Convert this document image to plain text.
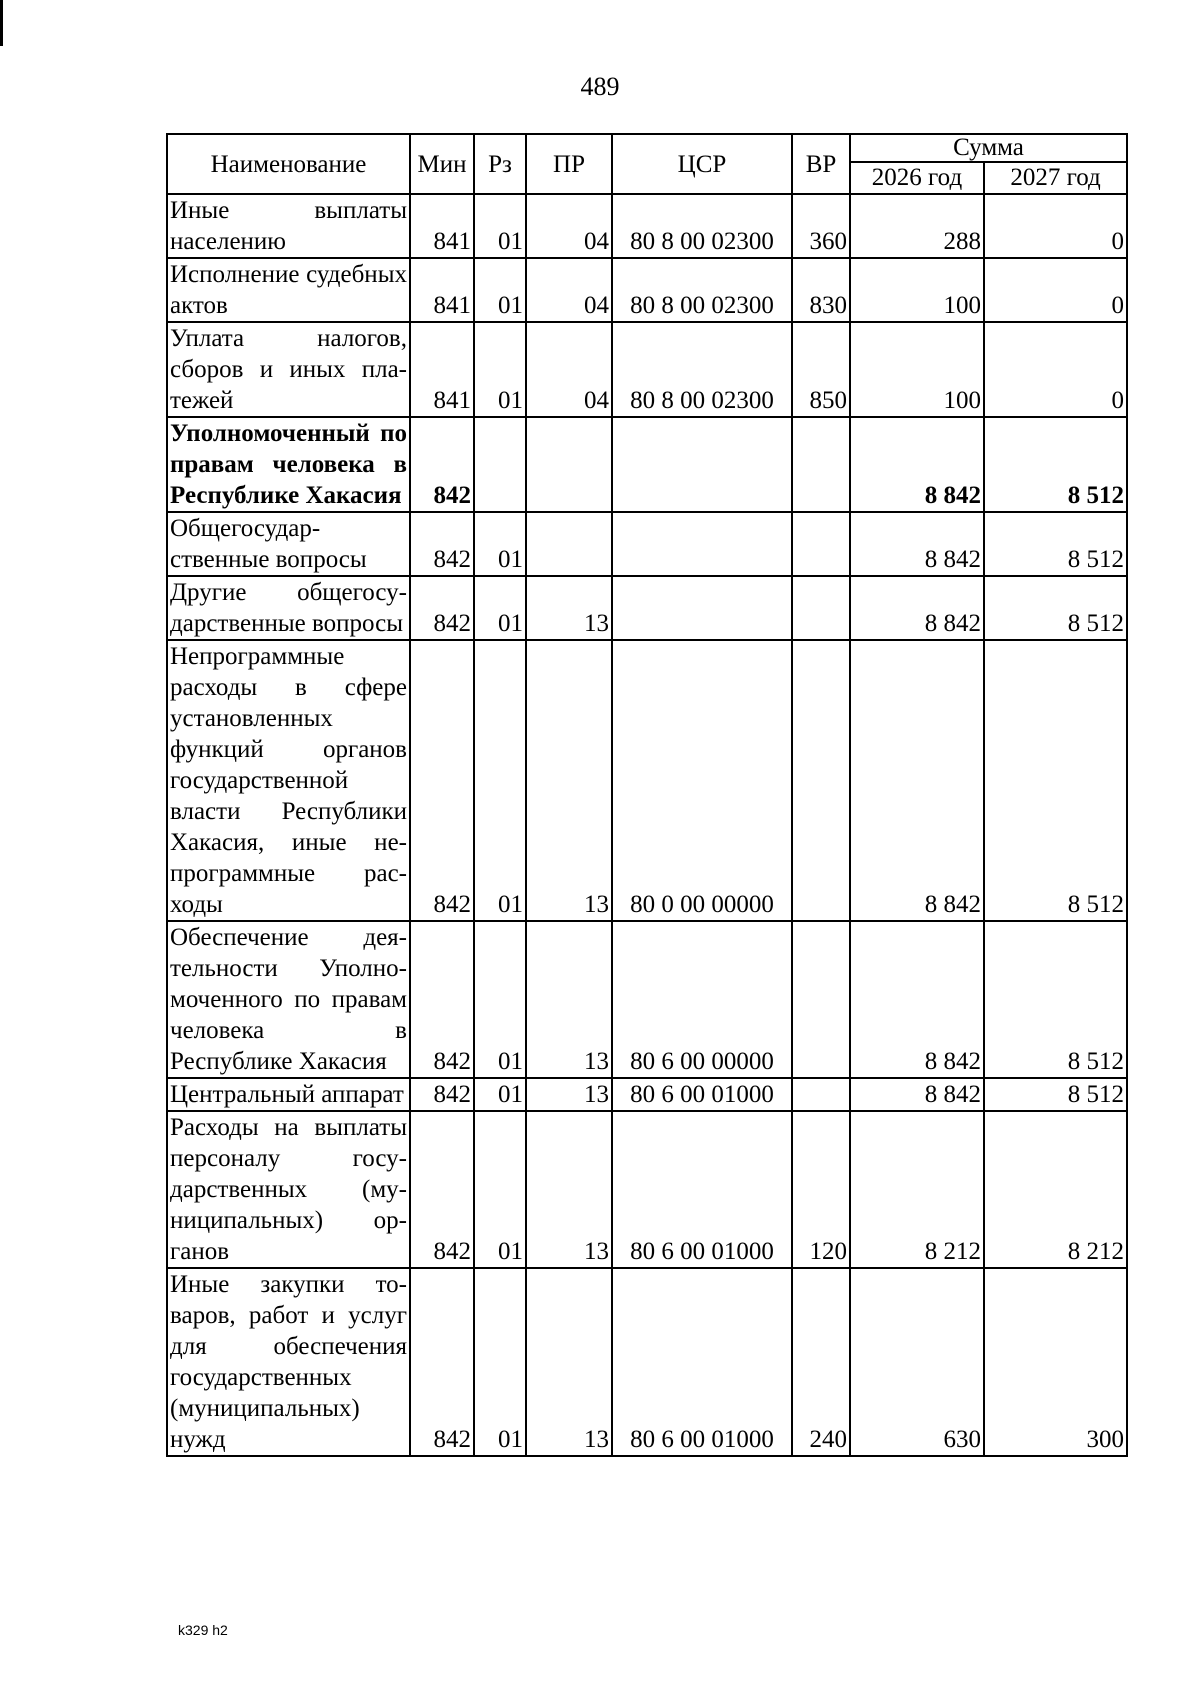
489
Наименование	Мин	Рз	ПР	ЦСР	ВР	Сумма	
						2026 год	2027 год
Иные выплаты населению	841	01	04	80 8 00 02300	360	288	0
Исполнение судебных актов	841	01	04	80 8 00 02300	830	100	0
Уплата налогов, сборов и иных платежей	841	01	04	80 8 00 02300	850	100	0
Уполномоченный по правам человека в Республике Хакасия	842					8 842	8 512
Общегосударственные вопросы	842	01				8 842	8 512
Другие общегосударственные вопросы	842	01	13			8 842	8 512
Непрограммные расходы в сфере установленных функций органов государственной власти Республики Хакасия, иные непрограммные расходы	842	01	13	80 0 00 00000		8 842	8 512
Обеспечение деятельности Уполномоченного по правам человека в Республике Хакасия	842	01	13	80 6 00 00000		8 842	8 512
Центральный аппарат	842	01	13	80 6 00 01000		8 842	8 512
Расходы на выплаты персоналу государственных (муниципальных) органов	842	01	13	80 6 00 01000	120	8 212	8 212
Иные закупки товаров, работ и услуг для обеспечения государственных (муниципальных) нужд	842	01	13	80 6 00 01000	240	630	300
k329 h2
